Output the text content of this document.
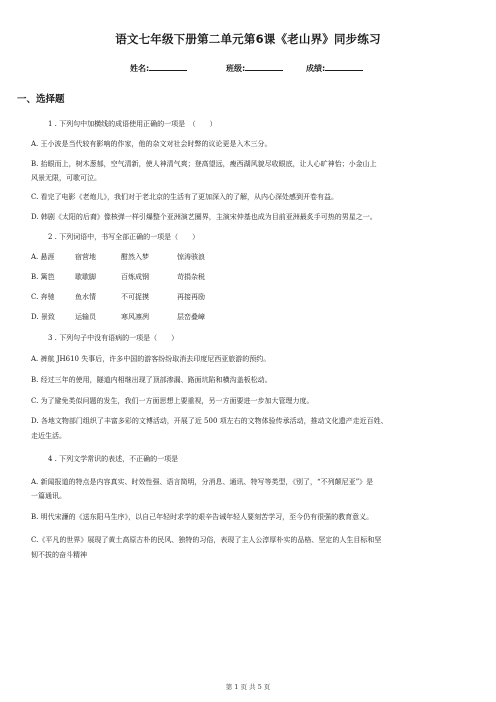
语文七年级下册第二单元第6课《老山界》同步练习
姓名:	班级:	成绩:
一、选择题
1 . 下列句中加横线的成语使用正确的一项是　（　　）
A. 王小波是当代较有影响的作家，他的杂文对社会时弊的议论更是入木三分。
B. 抬眼而上，树木葱郁，空气清新，使人神清气爽；登高望远，瘦西湖风貌尽收眼底，让人心旷神怡；小金山上
风景无限，可歌可泣。
C. 看完了电影《老炮儿》，我们对于老北京的生活有了更加深入的了解，从内心深处感到开卷有益。
D. 韩剧《太阳的后裔》像核弹一样引爆整个亚洲演艺圈界，主演宋仲基也成为目前亚洲最炙手可热的男星之一。
2 . 下列词语中，书写全部正确的一项是（　　）
A. 悬涯	宿营地	酣然入梦	惊涛骇浪
B. 篱笆	歇歇脚	百炼成钢	苛捐杂税
C. 奔驰	鱼水情	不可捉摸	再接再励
D. 景致	运输员	寒风凛冽	层峦叠嶂
3 . 下列句子中没有语病的一项是（　　）
A. 裤航 JH610 失事后，许多中国的游客纷纷取消去印度尼西亚旅游的预约。
B. 经过三年的使用，隧道内相继出现了顶部渗漏、路面坑陷和横沟盖板松动。
C. 为了避免类似问题的发生，我们一方面思想上要重视，另一方面要进一步加大管理力度。
D. 各地文物部门组织了丰富多彩的文博活动，开展了近 500 项左右的文物体验传承活动，推动文化遗产走近百姓、
走近生活。
4 . 下列文学常识的表述，不正确的一项是
A. 新闻报道的特点是内容真实、时效性强、语言简明，分消息、通讯、特写等类型，《别了，“不列颠尼亚”》是
一篇通讯。
B. 明代宋濂的《送东阳马生序》，以自己年轻时求学的艰辛告诫年轻人要刻苦学习，至今仍有很强的教育意义。
C.《平凡的世界》展现了黄土高原古朴的民风、独特的习俗，表现了主人公淳厚朴实的品格、坚定的人生目标和坚
韧不拔的奋斗精神
第 1 页 共 5 页
